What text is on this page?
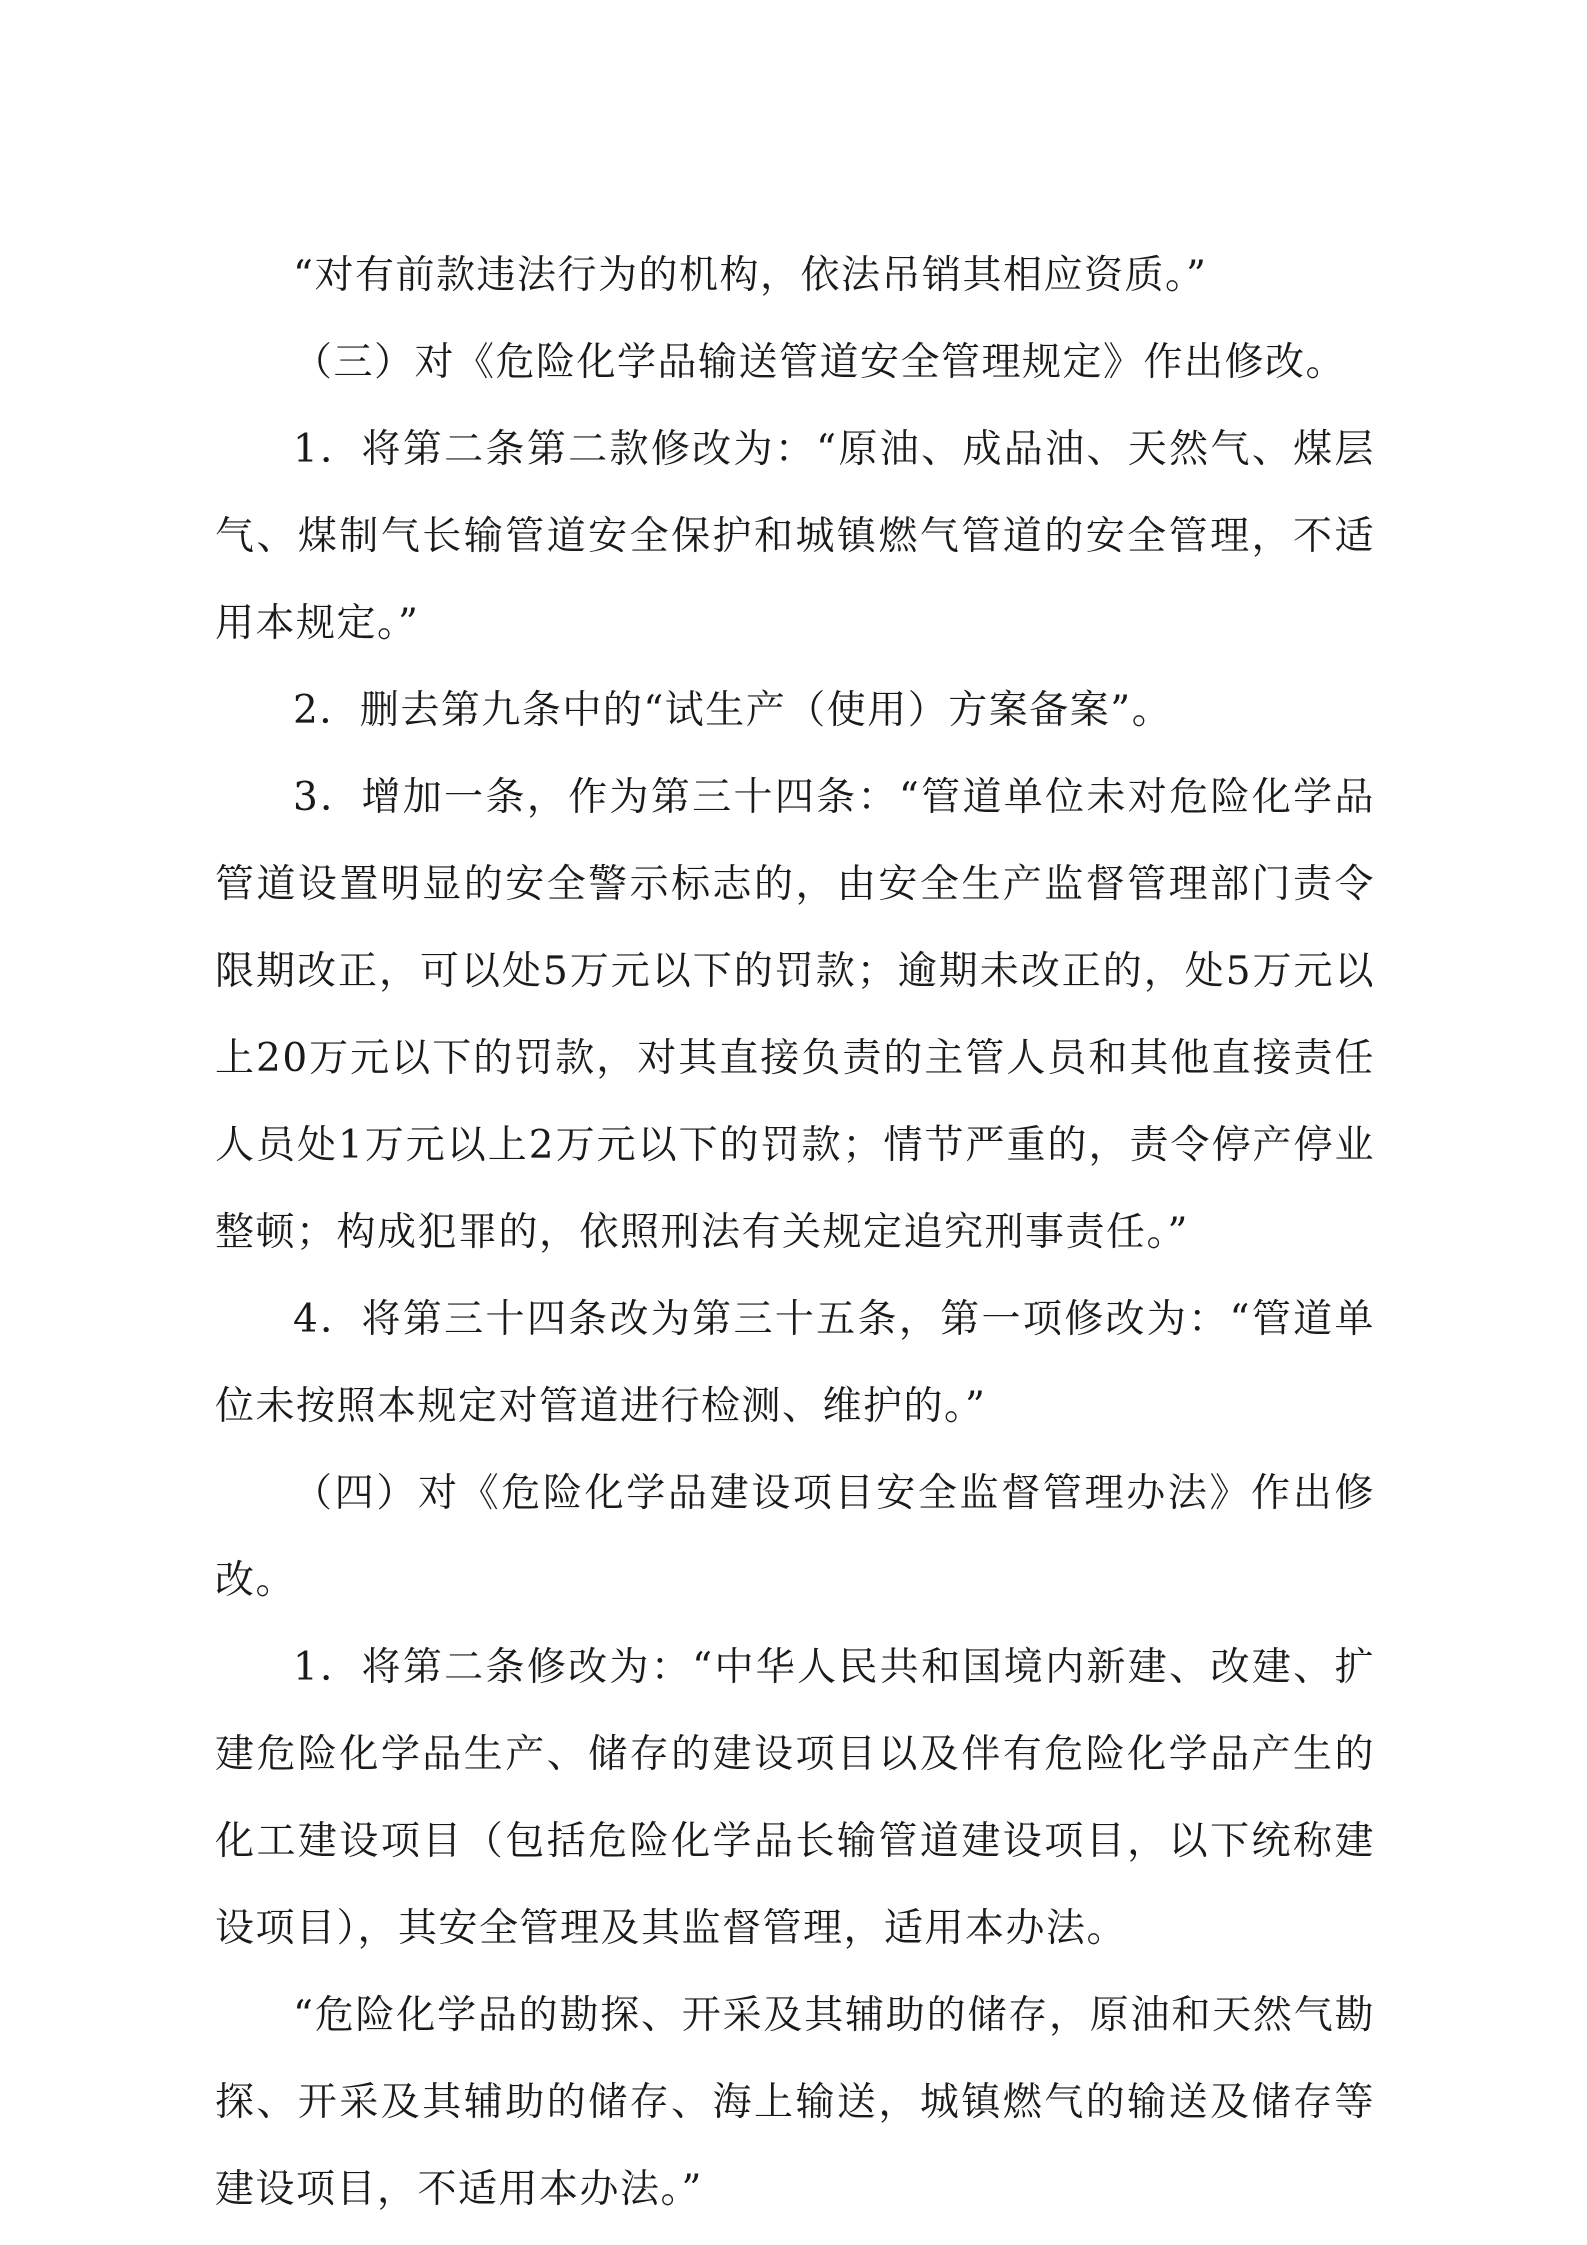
“对有前款违法行为的机构，依法吊销其相应资质。”

（三）对《危险化学品输送管道安全管理规定》作出修改。

1．将第二条第二款修改为：“原油、成品油、天然气、煤层气、煤制气长输管道安全保护和城镇燃气管道的安全管理，不适用本规定。”

2．删去第九条中的“试生产（使用）方案备案”。

3．增加一条，作为第三十四条：“管道单位未对危险化学品管道设置明显的安全警示标志的，由安全生产监督管理部门责令限期改正，可以处5万元以下的罚款；逾期未改正的，处5万元以上20万元以下的罚款，对其直接负责的主管人员和其他直接责任人员处1万元以上2万元以下的罚款；情节严重的，责令停产停业整顿；构成犯罪的，依照刑法有关规定追究刑事责任。”

4．将第三十四条改为第三十五条，第一项修改为：“管道单位未按照本规定对管道进行检测、维护的。”

（四）对《危险化学品建设项目安全监督管理办法》作出修改。

1．将第二条修改为：“中华人民共和国境内新建、改建、扩建危险化学品生产、储存的建设项目以及伴有危险化学品产生的化工建设项目（包括危险化学品长输管道建设项目，以下统称建设项目），其安全管理及其监督管理，适用本办法。

“危险化学品的勘探、开采及其辅助的储存，原油和天然气勘探、开采及其辅助的储存、海上输送，城镇燃气的输送及储存等建设项目，不适用本办法。”
